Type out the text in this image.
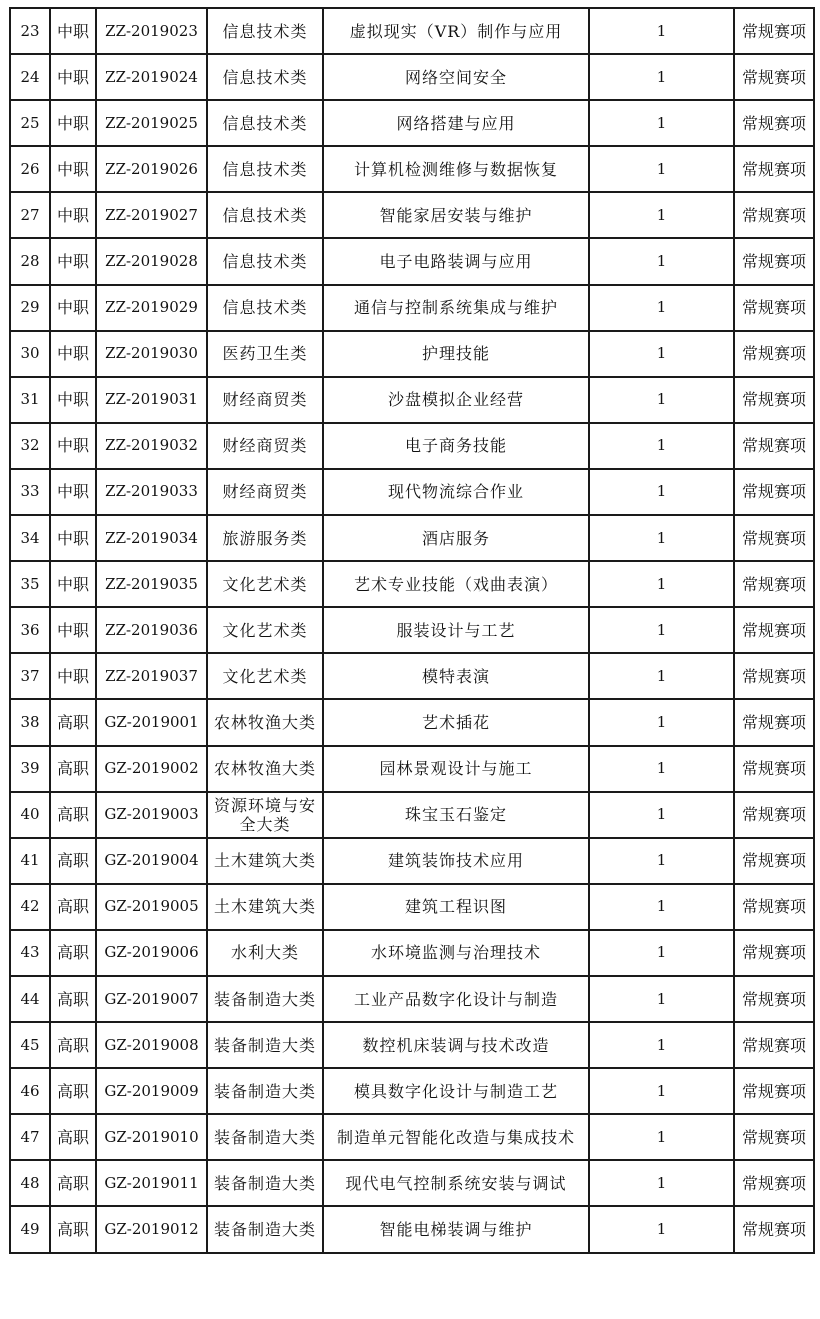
23	中职	ZZ-2019023	信息技术类	虚拟现实（VR）制作与应用	1	常规赛项
24	中职	ZZ-2019024	信息技术类	网络空间安全	1	常规赛项
25	中职	ZZ-2019025	信息技术类	网络搭建与应用	1	常规赛项
26	中职	ZZ-2019026	信息技术类	计算机检测维修与数据恢复	1	常规赛项
27	中职	ZZ-2019027	信息技术类	智能家居安装与维护	1	常规赛项
28	中职	ZZ-2019028	信息技术类	电子电路装调与应用	1	常规赛项
29	中职	ZZ-2019029	信息技术类	通信与控制系统集成与维护	1	常规赛项
30	中职	ZZ-2019030	医药卫生类	护理技能	1	常规赛项
31	中职	ZZ-2019031	财经商贸类	沙盘模拟企业经营	1	常规赛项
32	中职	ZZ-2019032	财经商贸类	电子商务技能	1	常规赛项
33	中职	ZZ-2019033	财经商贸类	现代物流综合作业	1	常规赛项
34	中职	ZZ-2019034	旅游服务类	酒店服务	1	常规赛项
35	中职	ZZ-2019035	文化艺术类	艺术专业技能（戏曲表演）	1	常规赛项
36	中职	ZZ-2019036	文化艺术类	服装设计与工艺	1	常规赛项
37	中职	ZZ-2019037	文化艺术类	模特表演	1	常规赛项
38	高职	GZ-2019001	农林牧渔大类	艺术插花	1	常规赛项
39	高职	GZ-2019002	农林牧渔大类	园林景观设计与施工	1	常规赛项
40	高职	GZ-2019003	资源环境与安全大类	珠宝玉石鉴定	1	常规赛项
41	高职	GZ-2019004	土木建筑大类	建筑装饰技术应用	1	常规赛项
42	高职	GZ-2019005	土木建筑大类	建筑工程识图	1	常规赛项
43	高职	GZ-2019006	水利大类	水环境监测与治理技术	1	常规赛项
44	高职	GZ-2019007	装备制造大类	工业产品数字化设计与制造	1	常规赛项
45	高职	GZ-2019008	装备制造大类	数控机床装调与技术改造	1	常规赛项
46	高职	GZ-2019009	装备制造大类	模具数字化设计与制造工艺	1	常规赛项
47	高职	GZ-2019010	装备制造大类	制造单元智能化改造与集成技术	1	常规赛项
48	高职	GZ-2019011	装备制造大类	现代电气控制系统安装与调试	1	常规赛项
49	高职	GZ-2019012	装备制造大类	智能电梯装调与维护	1	常规赛项
